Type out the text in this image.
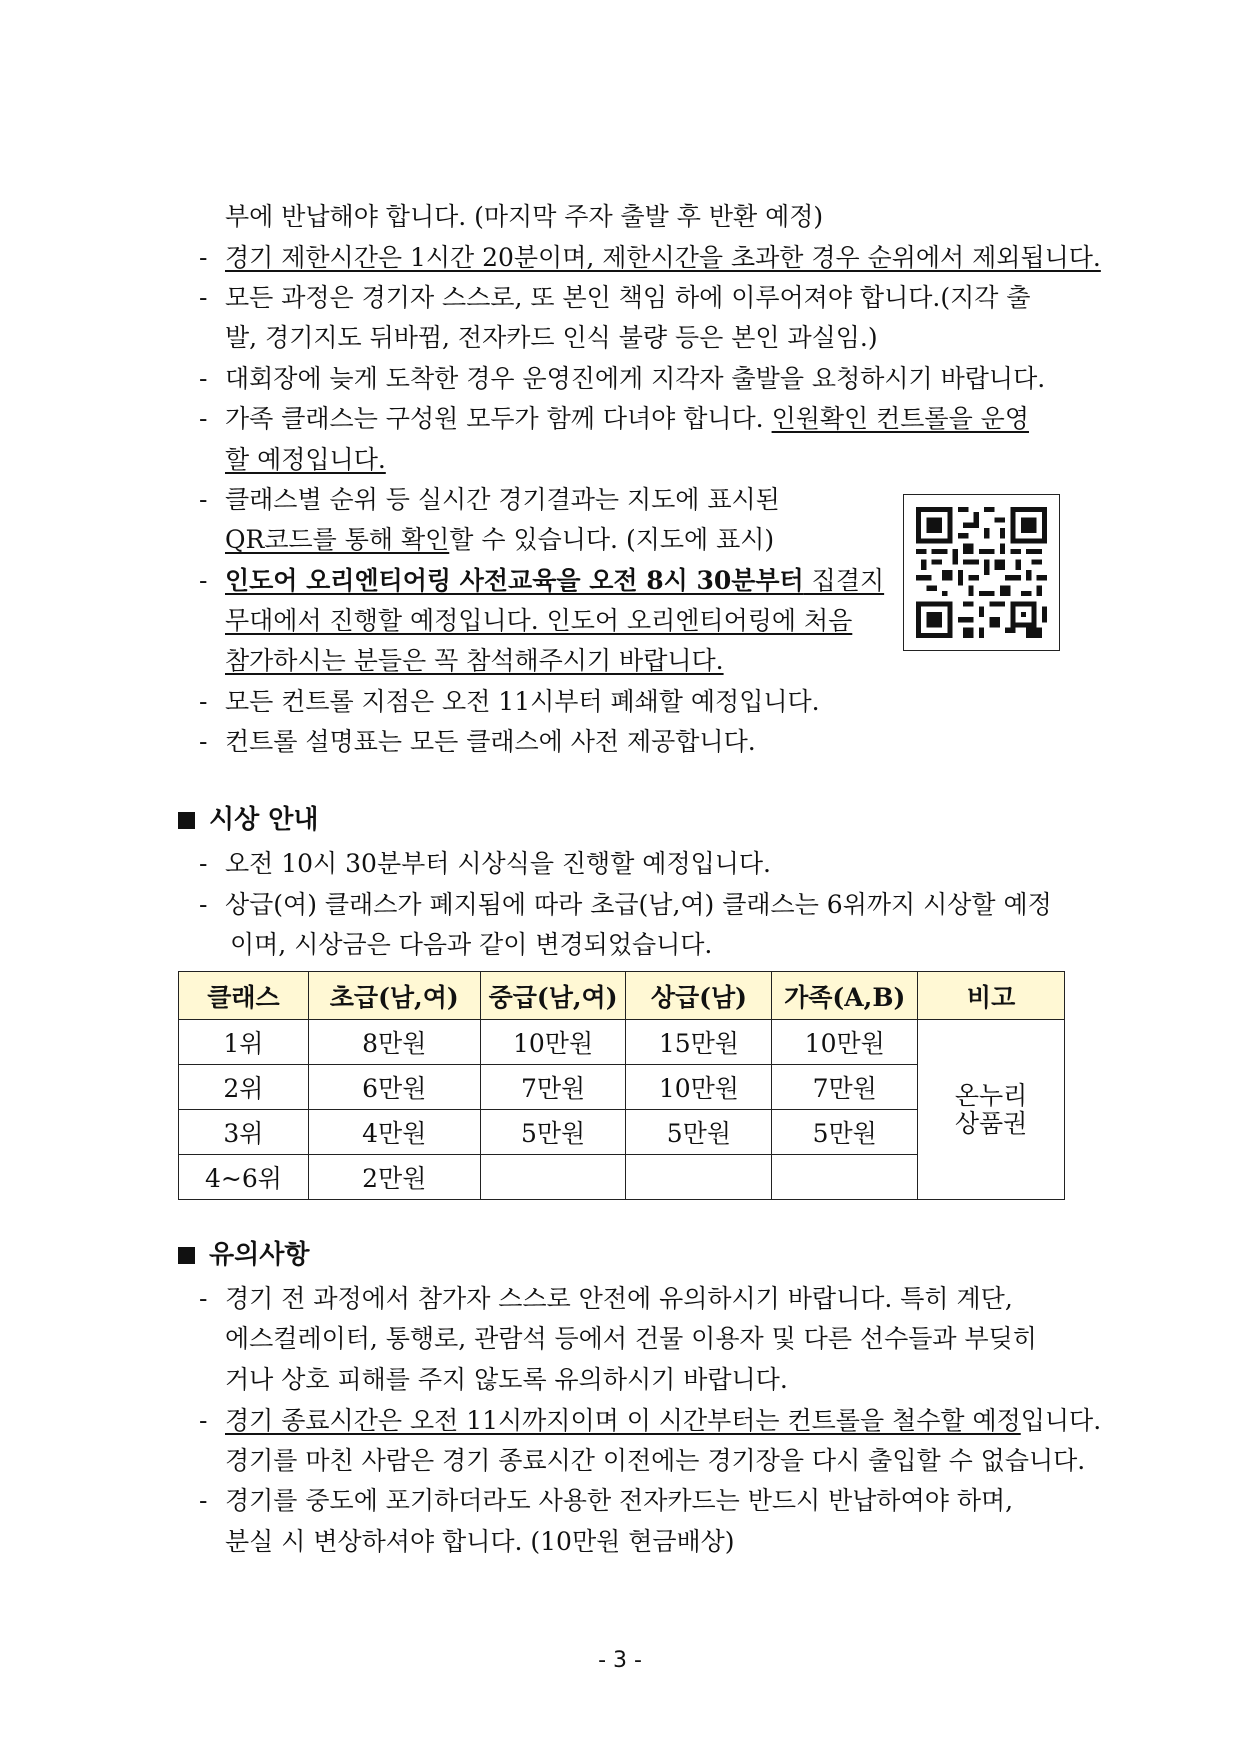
부에 반납해야 합니다. (마지막 주자 출발 후 반환 예정)
- 경기 제한시간은 1시간 20분이며, 제한시간을 초과한 경우 순위에서 제외됩니다.
- 모든 과정은 경기자 스스로, 또 본인 책임 하에 이루어져야 합니다.(지각 출
발, 경기지도 뒤바뀜, 전자카드 인식 불량 등은 본인 과실임.)
- 대회장에 늦게 도착한 경우 운영진에게 지각자 출발을 요청하시기 바랍니다.
- 가족 클래스는 구성원 모두가 함께 다녀야 합니다. 인원확인 컨트롤을 운영
할 예정입니다.
- 클래스별 순위 등 실시간 경기결과는 지도에 표시된
QR코드를 통해 확인할 수 있습니다. (지도에 표시)
- 인도어 오리엔티어링 사전교육을 오전 8시 30분부터 집결지
무대에서 진행할 예정입니다. 인도어 오리엔티어링에 처음
참가하시는 분들은 꼭 참석해주시기 바랍니다.
- 모든 컨트롤 지점은 오전 11시부터 폐쇄할 예정입니다.
- 컨트롤 설명표는 모든 클래스에 사전 제공합니다.
시상 안내
- 오전 10시 30분부터 시상식을 진행할 예정입니다.
- 상급(여) 클래스가 폐지됨에 따라 초급(남,여) 클래스는 6위까지 시상할 예정
이며, 시상금은 다음과 같이 변경되었습니다.
클래스	초급(남,여)	중급(남,여)	상급(남)	가족(A,B)	비고
1위	8만원	10만원	15만원	10만원	온누리
상품권
2위	6만원	7만원	10만원	7만원	
3위	4만원	5만원	5만원	5만원	
4~6위	2만원				
유의사항
- 경기 전 과정에서 참가자 스스로 안전에 유의하시기 바랍니다. 특히 계단,
에스컬레이터, 통행로, 관람석 등에서 건물 이용자 및 다른 선수들과 부딪히
거나 상호 피해를 주지 않도록 유의하시기 바랍니다.
- 경기 종료시간은 오전 11시까지이며 이 시간부터는 컨트롤을 철수할 예정입니다.
경기를 마친 사람은 경기 종료시간 이전에는 경기장을 다시 출입할 수 없습니다.
- 경기를 중도에 포기하더라도 사용한 전자카드는 반드시 반납하여야 하며,
분실 시 변상하셔야 합니다. (10만원 현금배상)
- 3 -
